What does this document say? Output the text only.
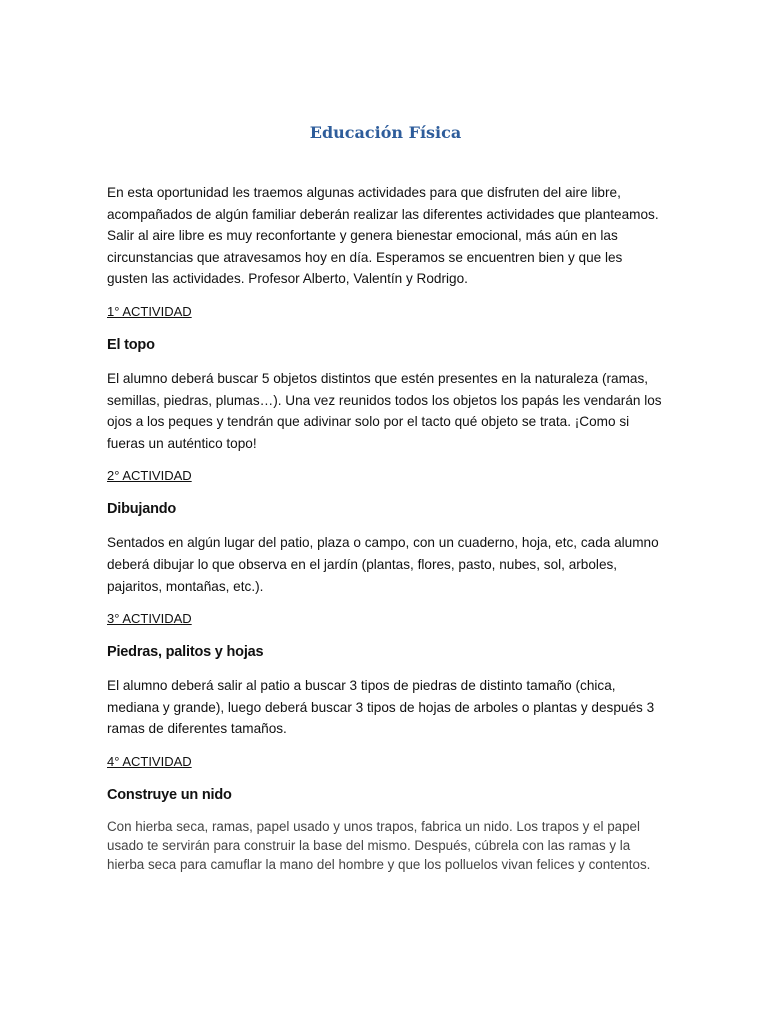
Educación Física

En esta oportunidad les traemos algunas actividades para que disfruten del aire libre, acompañados de algún familiar deberán realizar las diferentes actividades que planteamos. Salir al aire libre es muy reconfortante y genera bienestar emocional, más aún en las circunstancias que atravesamos hoy en día. Esperamos se encuentren bien y que les gusten las actividades. Profesor Alberto, Valentín y Rodrigo.

1° ACTIVIDAD

El topo

El alumno deberá buscar 5 objetos distintos que estén presentes en la naturaleza (ramas, semillas, piedras, plumas…). Una vez reunidos todos los objetos los papás les vendarán los ojos a los peques y tendrán que adivinar solo por el tacto qué objeto se trata. ¡Como si fueras un auténtico topo!

2° ACTIVIDAD

Dibujando

Sentados en algún lugar del patio, plaza o campo, con un cuaderno, hoja, etc, cada alumno deberá dibujar lo que observa en el jardín (plantas, flores, pasto, nubes, sol, arboles, pajaritos, montañas, etc.).

3° ACTIVIDAD

Piedras, palitos y hojas

El alumno deberá salir al patio a buscar 3 tipos de piedras de distinto tamaño (chica, mediana y grande), luego deberá buscar 3 tipos de hojas de arboles o plantas y después 3 ramas de diferentes tamaños.

4° ACTIVIDAD

Construye un nido

Con hierba seca, ramas, papel usado y unos trapos, fabrica un nido. Los trapos y el papel usado te servirán para construir la base del mismo. Después, cúbrela con las ramas y la hierba seca para camuflar la mano del hombre y que los polluelos vivan felices y contentos.
